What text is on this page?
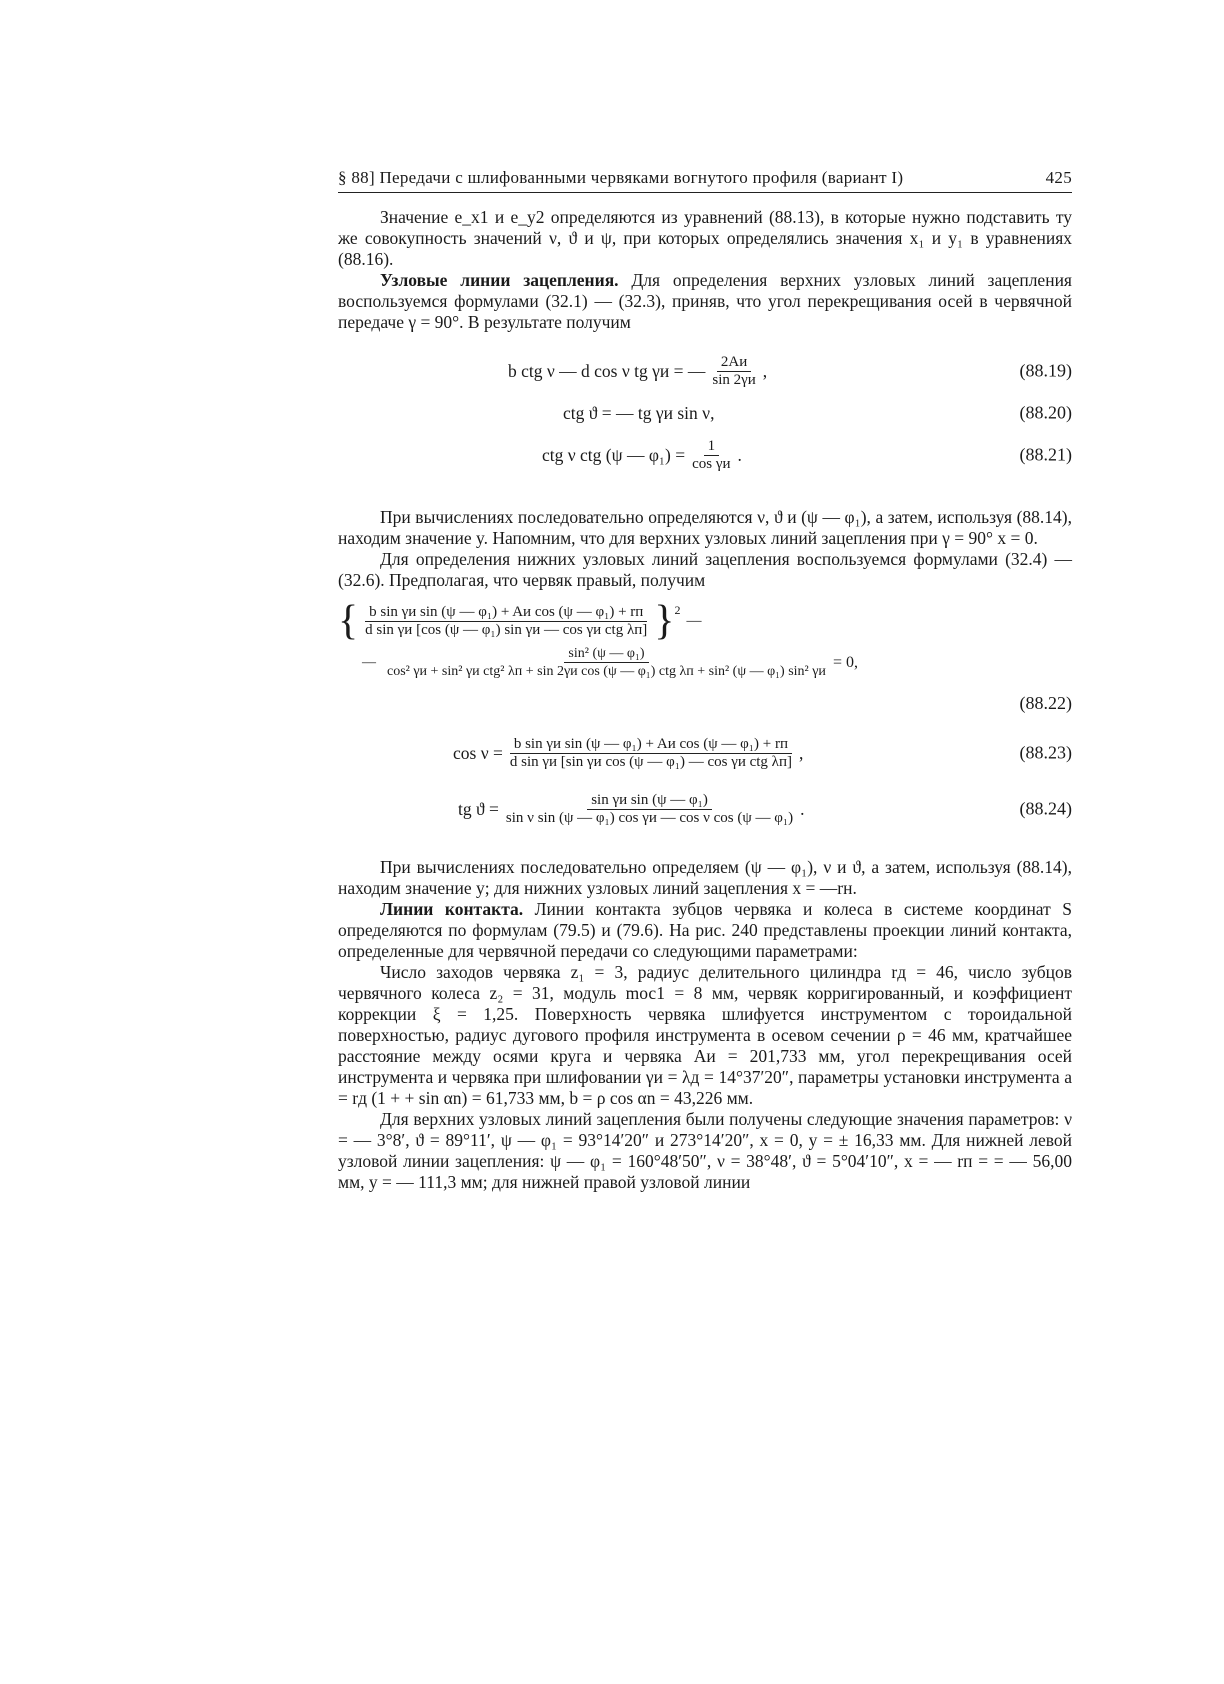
§ 88] Передачи с шлифованными червяками вогнутого профиля (вариант I)	425

Значение e_x1 и e_y2 определяются из уравнений (88.13), в которые нужно подставить ту же совокупность значений ν, ϑ и ψ, при которых определялись значения x₁ и y₁ в уравнениях (88.16).

Узловые линии зацепления. Для определения верхних узловых линий зацепления воспользуемся формулами (32.1) — (32.3), приняв, что угол перекрещивания осей в червячной передаче γ = 90°. В результате получим

b ctg ν — d cos ν tg γи = — $\frac{2Aи}{\sin 2\gamma и}$ ,	(88.19)
ctg ϑ = — tg γи sin ν,	(88.20)
ctg ν ctg (ψ — $\varphi_1) = \frac{1}{\text{cos γи}}$ .	(88.21)

При вычислениях последовательно определяются ν, ϑ и (ψ — φ₁), а затем, используя (88.14), находим значение y. Напомним, что для верхних узловых линий зацепления при γ = 90° x = 0.

Для определения нижних узловых линий зацепления воспользуемся формулами (32.4) — (32.6). Предполагая, что червяк правый, получим

{ $\frac{\text{b sin γи sin (ψ — φ₁) + Aи cos (ψ — φ₁) + rп}}{\text{d sin γи [cos (ψ — φ₁) sin γи — cos γи ctg λп]}}$ } 2
—
—
sin² (ψ — φ₁)
cos² γи + sin² γи ctg² λп + sin 2γи cos (ψ — φ₁) ctg λп + sin² (ψ — φ₁) sin² γи
= 0,
(88.22)
$\cos \nu = \frac{\text{b sin γи sin (ψ — φ₁) + Aи cos (ψ — φ₁) + rп}}{\text{d sin γи [sin γи cos (ψ — φ₁) — cos γи ctg λп]}}$ ,	(88.23)
tg $ϑ = \frac{\text{sin γи sin (ψ — φ₁)}}{\text{sin ν sin (ψ — φ₁) cos γи — cos ν cos (ψ — φ₁)}}$ .	(88.24)

При вычислениях последовательно определяем (ψ — φ₁), ν и ϑ, а затем, используя (88.14), находим значение y; для нижних узловых линий зацепления x = —rн.

Линии контакта. Линии контакта зубцов червяка и колеса в системе координат S определяются по формулам (79.5) и (79.6). На рис. 240 представлены проекции линий контакта, определенные для червячной передачи со следующими параметрами:

Число заходов червяка z₁ = 3, радиус делительного цилиндра rд = 46, число зубцов червячного колеса z₂ = 31, модуль mос1 = 8 мм, червяк корригированный, и коэффициент коррекции ξ = 1,25. Поверхность червяка шлифуется инструментом с тороидальной поверхностью, радиус дугового профиля инструмента в осевом сечении ρ = 46 мм, кратчайшее расстояние между осями круга и червяка Aи = 201,733 мм, угол перекрещивания осей инструмента и червяка при шлифовании γи = λд = 14°37′20″, параметры установки инструмента a = rд (1 + + sin αn) = 61,733 мм, b = ρ cos αn = 43,226 мм.

Для верхних узловых линий зацепления были получены следующие значения параметров: ν = — 3°8′, ϑ = 89°11′, ψ — φ₁ = 93°14′20″ и 273°14′20″, x = 0, y = ± 16,33 мм. Для нижней левой узловой линии зацепления: ψ — φ₁ = 160°48′50″, ν = 38°48′, ϑ = 5°04′10″, x = — rп = = — 56,00 мм, y = — 111,3 мм; для нижней правой узловой линии
